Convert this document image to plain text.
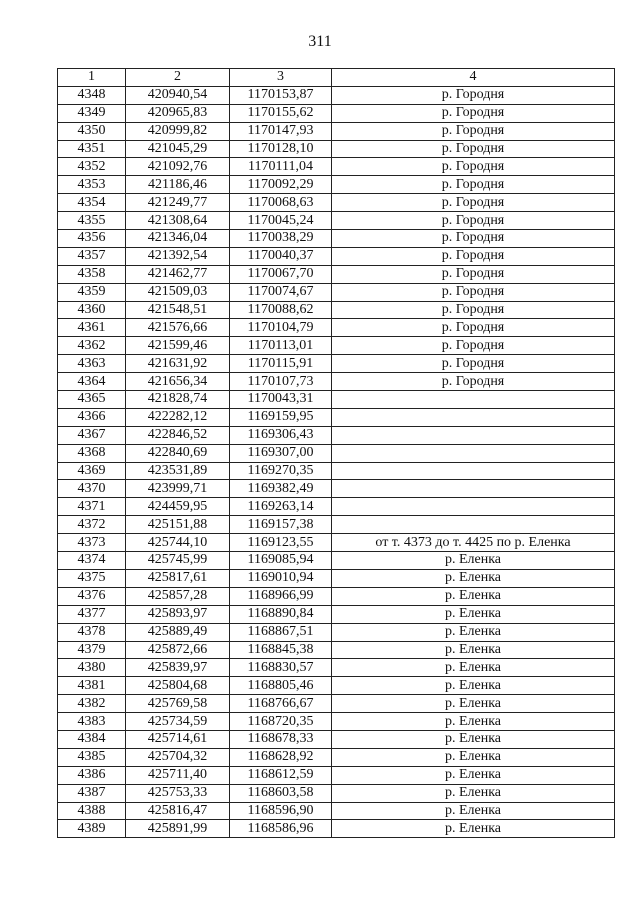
311
1	2	3	4
4348	420940,54	1170153,87	р. Городня
4349	420965,83	1170155,62	р. Городня
4350	420999,82	1170147,93	р. Городня
4351	421045,29	1170128,10	р. Городня
4352	421092,76	1170111,04	р. Городня
4353	421186,46	1170092,29	р. Городня
4354	421249,77	1170068,63	р. Городня
4355	421308,64	1170045,24	р. Городня
4356	421346,04	1170038,29	р. Городня
4357	421392,54	1170040,37	р. Городня
4358	421462,77	1170067,70	р. Городня
4359	421509,03	1170074,67	р. Городня
4360	421548,51	1170088,62	р. Городня
4361	421576,66	1170104,79	р. Городня
4362	421599,46	1170113,01	р. Городня
4363	421631,92	1170115,91	р. Городня
4364	421656,34	1170107,73	р. Городня
4365	421828,74	1170043,31	
4366	422282,12	1169159,95	
4367	422846,52	1169306,43	
4368	422840,69	1169307,00	
4369	423531,89	1169270,35	
4370	423999,71	1169382,49	
4371	424459,95	1169263,14	
4372	425151,88	1169157,38	
4373	425744,10	1169123,55	от т. 4373 до т. 4425 по р. Еленка
4374	425745,99	1169085,94	р. Еленка
4375	425817,61	1169010,94	р. Еленка
4376	425857,28	1168966,99	р. Еленка
4377	425893,97	1168890,84	р. Еленка
4378	425889,49	1168867,51	р. Еленка
4379	425872,66	1168845,38	р. Еленка
4380	425839,97	1168830,57	р. Еленка
4381	425804,68	1168805,46	р. Еленка
4382	425769,58	1168766,67	р. Еленка
4383	425734,59	1168720,35	р. Еленка
4384	425714,61	1168678,33	р. Еленка
4385	425704,32	1168628,92	р. Еленка
4386	425711,40	1168612,59	р. Еленка
4387	425753,33	1168603,58	р. Еленка
4388	425816,47	1168596,90	р. Еленка
4389	425891,99	1168586,96	р. Еленка
